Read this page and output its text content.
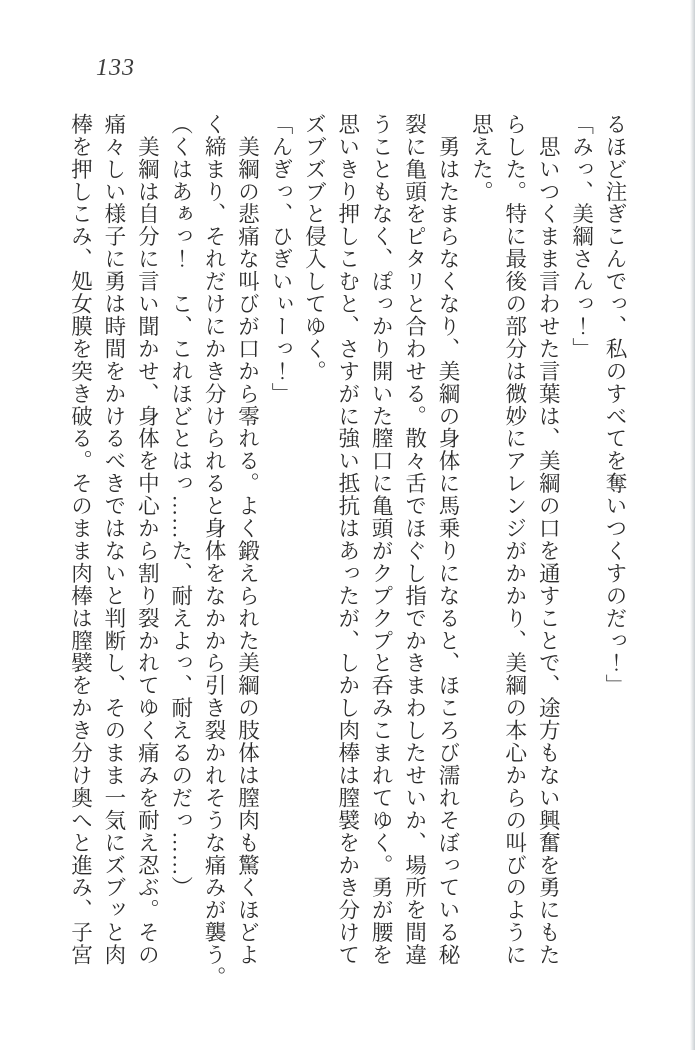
133
るほど注ぎこんでっ、私のすべてを奪いつくすのだっ！」
「みっ、美綱さんっ！」
　思いつくまま言わせた言葉は、美綱の口を通すことで、途方もない興奮を勇にもた
らした。特に最後の部分は微妙にアレンジがかかり、美綱の本心からの叫びのように
思えた。
　勇はたまらなくなり、美綱の身体に馬乗りになると、ほころび濡れそぼっている秘
裂に亀頭をピタリと合わせる。散々舌でほぐし指でかきまわしたせいか、場所を間違
うこともなく、ぽっかり開いた膣口に亀頭がクプクプと呑みこまれてゆく。勇が腰を
思いきり押しこむと、さすがに強い抵抗はあったが、しかし肉棒は膣襞をかき分けて
ズブズブと侵入してゆく。
「んぎっ、ひぎいぃーっ！」
　美綱の悲痛な叫びが口から零れる。よく鍛えられた美綱の肢体は膣肉も驚くほどよ
く締まり、それだけにかき分けられると身体をなかから引き裂かれそうな痛みが襲う。
（くはあぁっ！　こ、これほどとはっ……た、耐えよっ、耐えるのだっ……）
　美綱は自分に言い聞かせ、身体を中心から割り裂かれてゆく痛みを耐え忍ぶ。その
痛々しい様子に勇は時間をかけるべきではないと判断し、そのまま一気にズブッと肉
棒を押しこみ、処女膜を突き破る。そのまま肉棒は膣襞をかき分け奥へと進み、子宮
